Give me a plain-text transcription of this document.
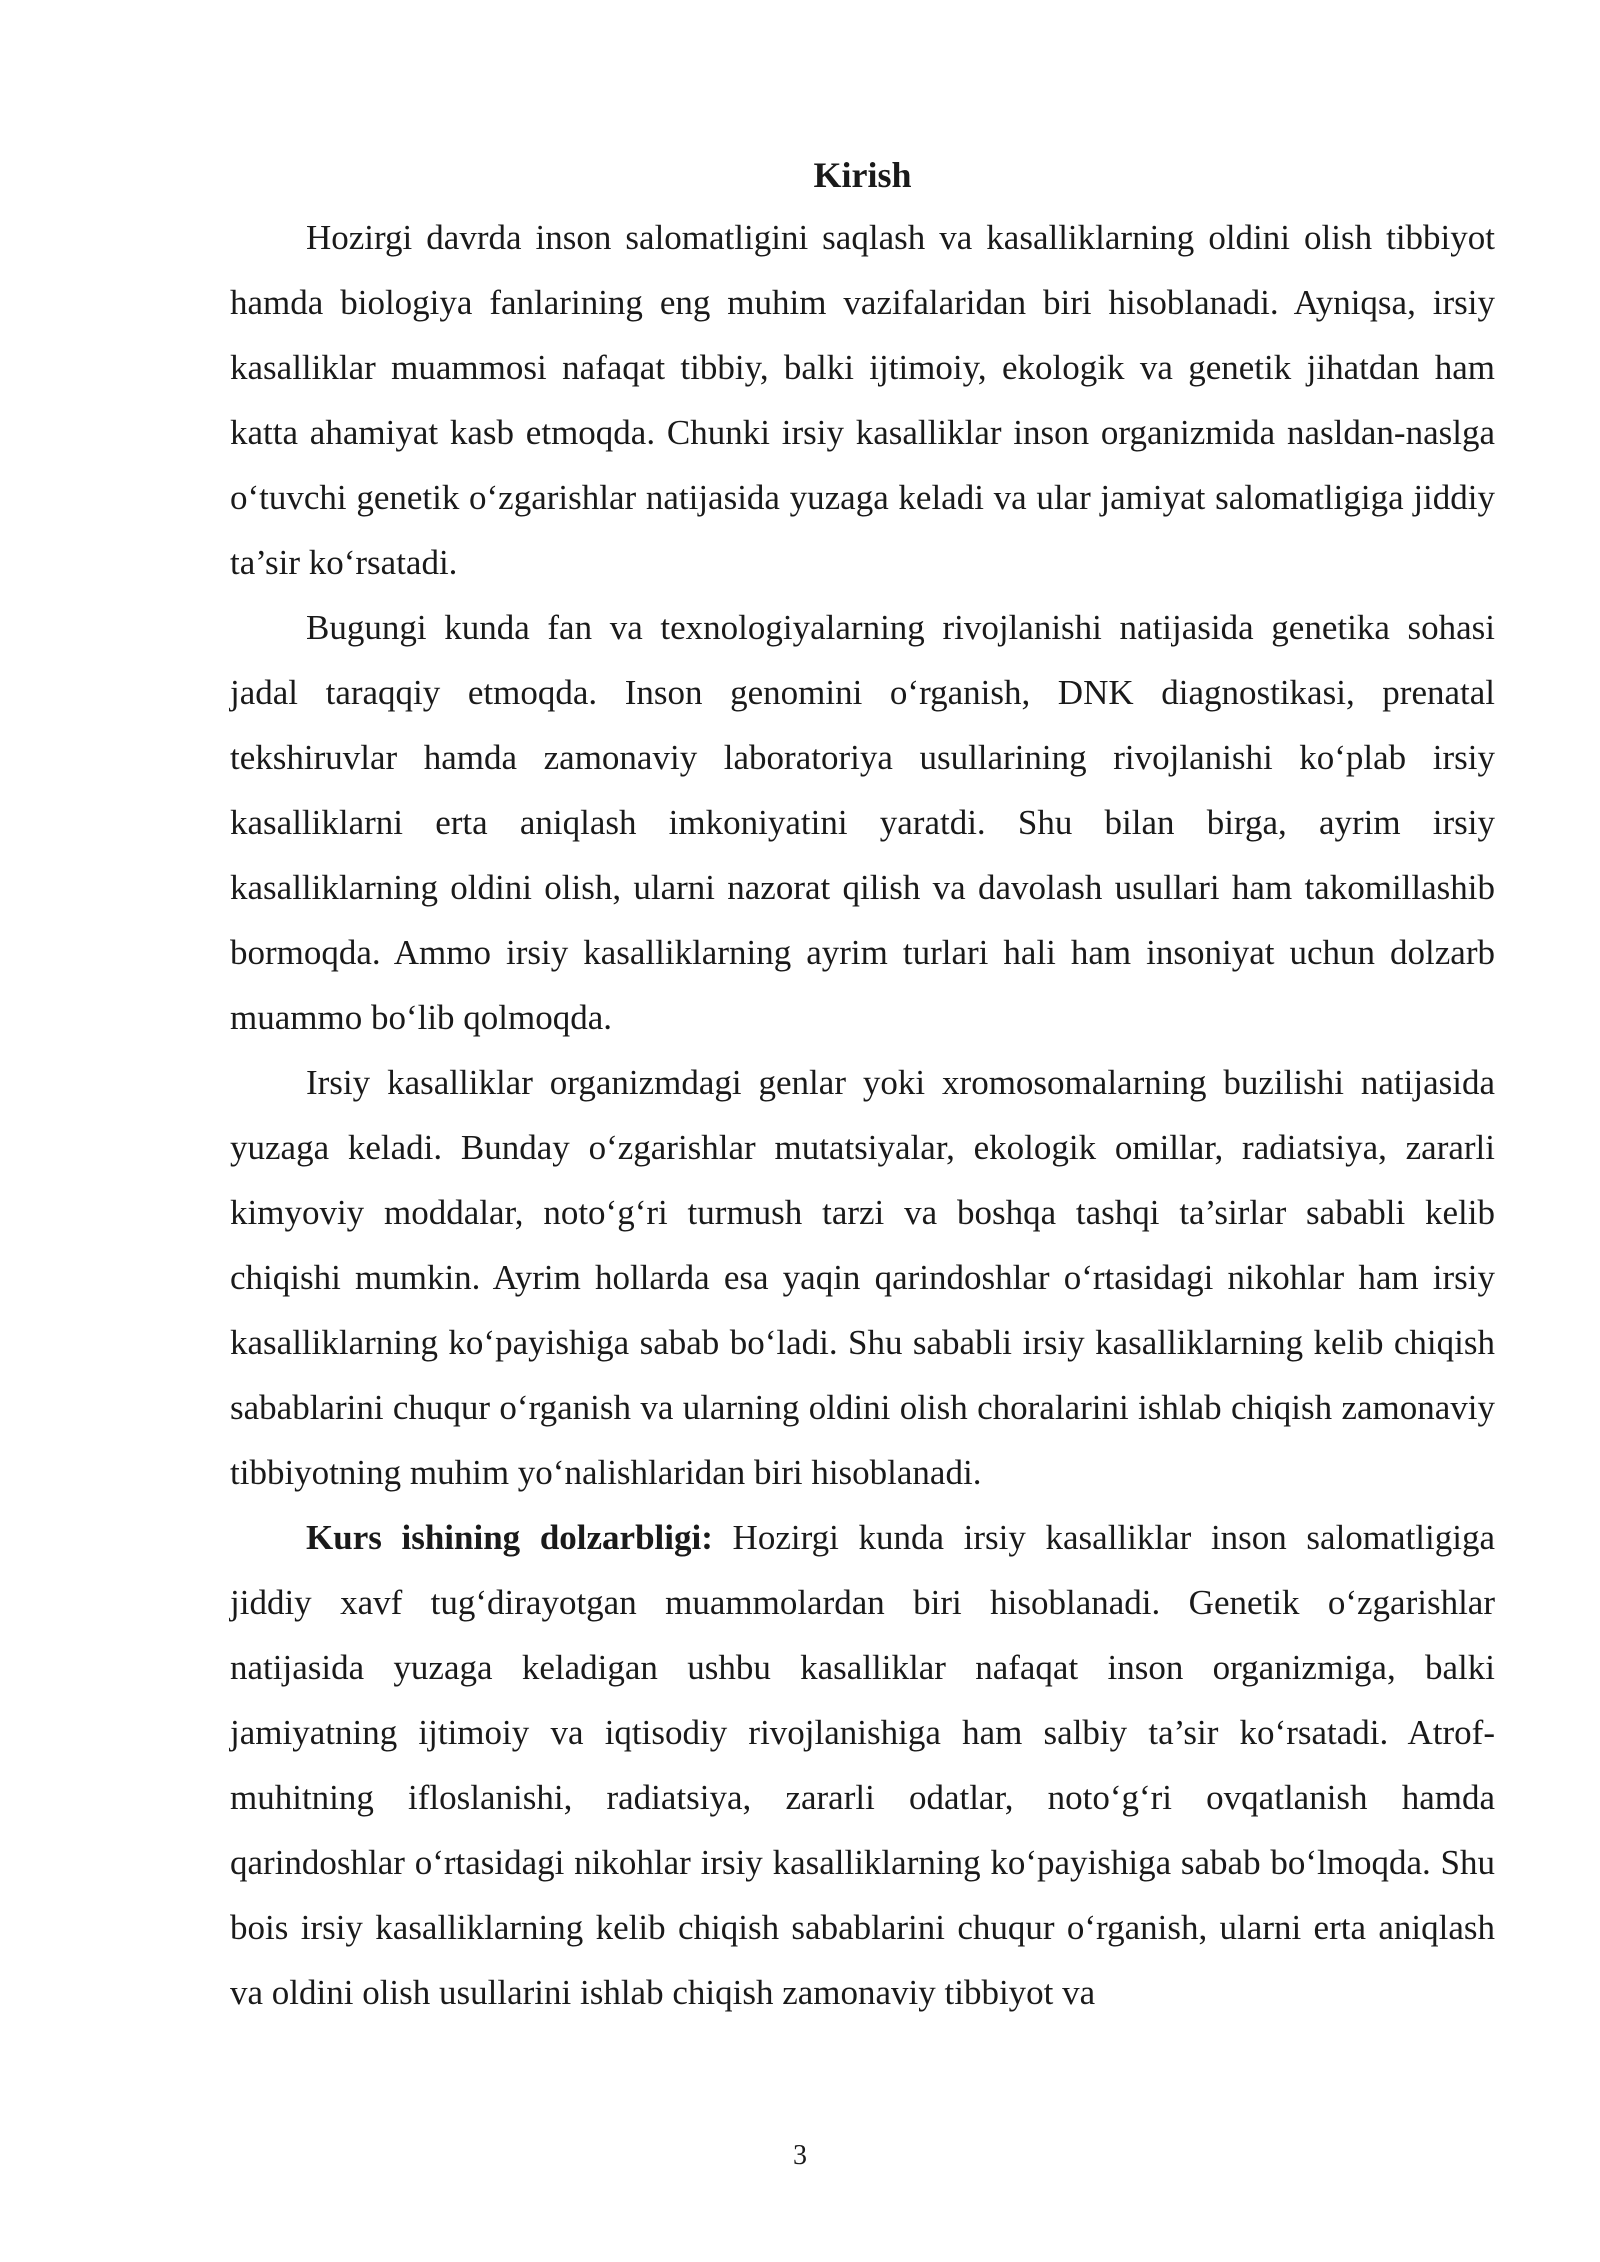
Kirish

Hozirgi davrda inson salomatligini saqlash va kasalliklarning oldini olish tibbiyot hamda biologiya fanlarining eng muhim vazifalaridan biri hisoblanadi. Ayniqsa, irsiy kasalliklar muammosi nafaqat tibbiy, balki ijtimoiy, ekologik va genetik jihatdan ham katta ahamiyat kasb etmoqda. Chunki irsiy kasalliklar inson organizmida nasldan-naslga o‘tuvchi genetik o‘zgarishlar natijasida yuzaga keladi va ular jamiyat salomatligiga jiddiy ta’sir ko‘rsatadi.

Bugungi kunda fan va texnologiyalarning rivojlanishi natijasida genetika sohasi jadal taraqqiy etmoqda. Inson genomini o‘rganish, DNK diagnostikasi, prenatal tekshiruvlar hamda zamonaviy laboratoriya usullarining rivojlanishi ko‘plab irsiy kasalliklarni erta aniqlash imkoniyatini yaratdi. Shu bilan birga, ayrim irsiy kasalliklarning oldini olish, ularni nazorat qilish va davolash usullari ham takomillashib bormoqda. Ammo irsiy kasalliklarning ayrim turlari hali ham insoniyat uchun dolzarb muammo bo‘lib qolmoqda.

Irsiy kasalliklar organizmdagi genlar yoki xromosomalarning buzilishi natijasida yuzaga keladi. Bunday o‘zgarishlar mutatsiyalar, ekologik omillar, radiatsiya, zararli kimyoviy moddalar, noto‘g‘ri turmush tarzi va boshqa tashqi ta’sirlar sababli kelib chiqishi mumkin. Ayrim hollarda esa yaqin qarindoshlar o‘rtasidagi nikohlar ham irsiy kasalliklarning ko‘payishiga sabab bo‘ladi. Shu sababli irsiy kasalliklarning kelib chiqish sabablarini chuqur o‘rganish va ularning oldini olish choralarini ishlab chiqish zamonaviy tibbiyotning muhim yo‘nalishlaridan biri hisoblanadi.

Kurs ishining dolzarbligi: Hozirgi kunda irsiy kasalliklar inson salomatligiga jiddiy xavf tug‘dirayotgan muammolardan biri hisoblanadi. Genetik o‘zgarishlar natijasida yuzaga keladigan ushbu kasalliklar nafaqat inson organizmiga, balki jamiyatning ijtimoiy va iqtisodiy rivojlanishiga ham salbiy ta’sir ko‘rsatadi. Atrof-muhitning ifloslanishi, radiatsiya, zararli odatlar, noto‘g‘ri ovqatlanish hamda qarindoshlar o‘rtasidagi nikohlar irsiy kasalliklarning ko‘payishiga sabab bo‘lmoqda. Shu bois irsiy kasalliklarning kelib chiqish sabablarini chuqur o‘rganish, ularni erta aniqlash va oldini olish usullarini ishlab chiqish zamonaviy tibbiyot va

3
